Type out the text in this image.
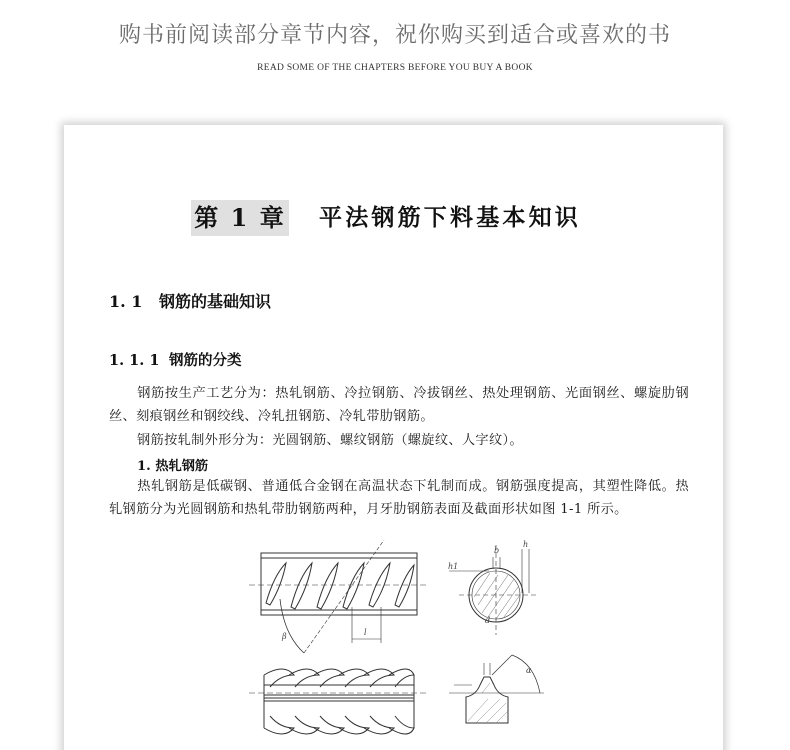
购书前阅读部分章节内容，祝你购买到适合或喜欢的书
READ SOME OF THE CHAPTERS BEFORE YOU BUY A BOOK
第 1 章 平法钢筋下料基本知识
1. 1 钢筋的基础知识
1. 1. 1 钢筋的分类
钢筋按生产工艺分为：热轧钢筋、冷拉钢筋、冷拔钢丝、热处理钢筋、光面钢丝、螺旋肋钢丝、刻痕钢丝和钢绞线、冷轧扭钢筋、冷轧带肋钢筋。
钢筋按轧制外形分为：光圆钢筋、螺纹钢筋（螺旋纹、人字纹）。
1. 热轧钢筋
热轧钢筋是低碳钢、普通低合金钢在高温状态下轧制而成。钢筋强度提高，其塑性降低。热轧钢筋分为光圆钢筋和热轧带肋钢筋两种，月牙肋钢筋表面及截面形状如图 1-1 所示。
β	l
b
h
h1
d
α
